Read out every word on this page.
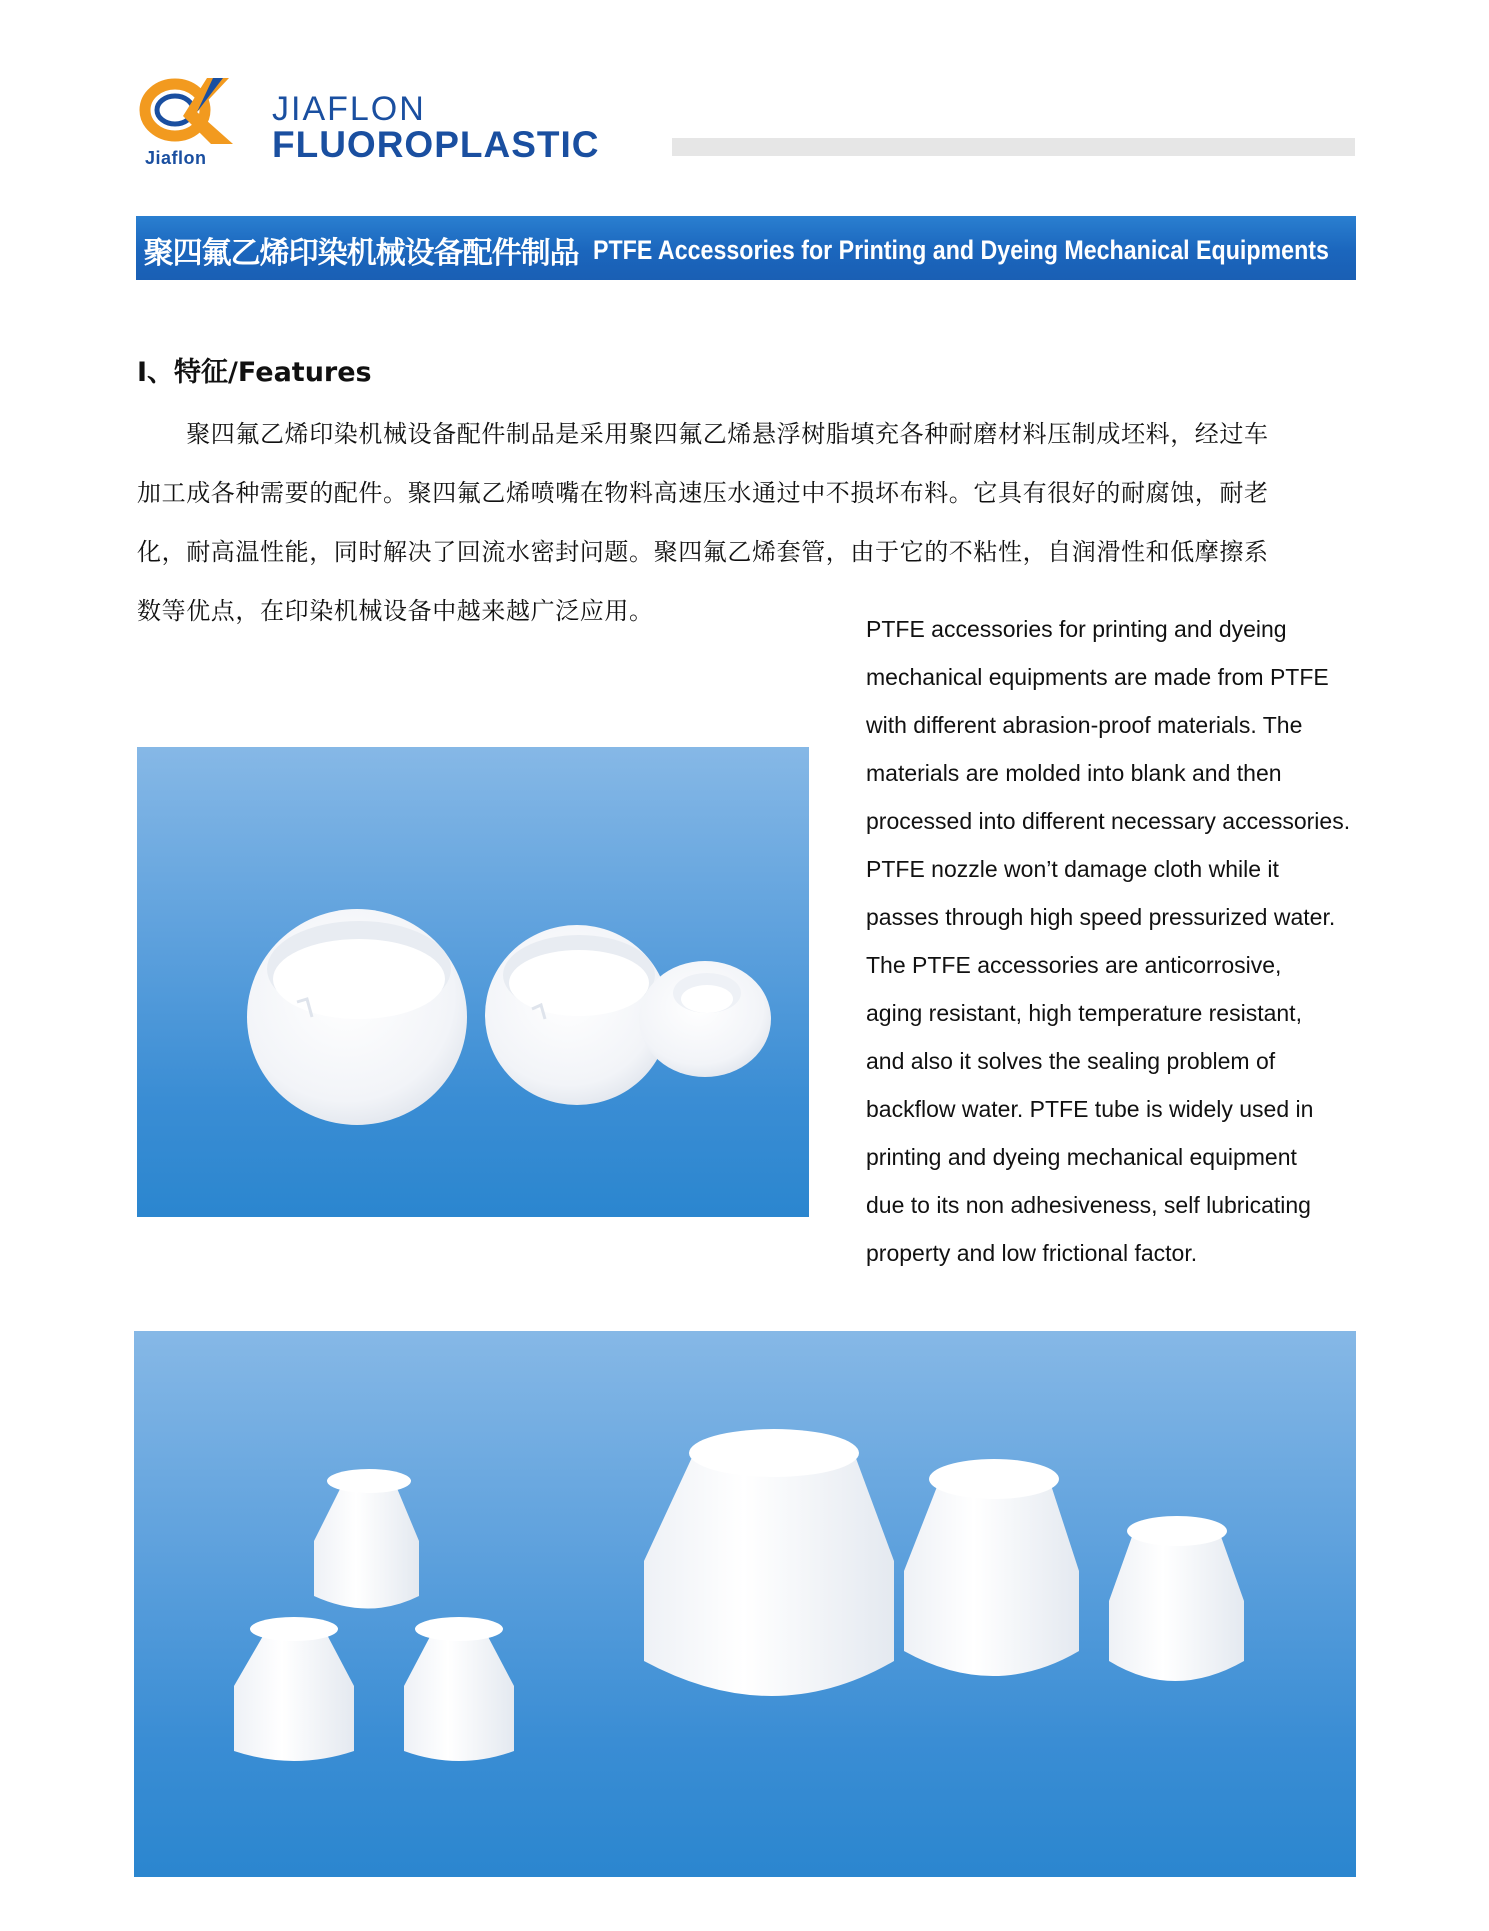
Jiaflon
JIAFLON
FLUOROPLASTIC
聚四氟乙烯印染机械设备配件制品 PTFE Accessories for Printing and Dyeing Mechanical Equipments
I、特征/Features
　　聚四氟乙烯印染机械设备配件制品是采用聚四氟乙烯悬浮树脂填充各种耐磨材料压制成坯料，经过车
加工成各种需要的配件。聚四氟乙烯喷嘴在物料高速压水通过中不损坏布料。它具有很好的耐腐蚀，耐老
化，耐高温性能，同时解决了回流水密封问题。聚四氟乙烯套管，由于它的不粘性，自润滑性和低摩擦系
数等优点，在印染机械设备中越来越广泛应用。
PTFE accessories for printing and dyeing
mechanical equipments are made from PTFE
with different abrasion-proof materials. The
materials are molded into blank and then
processed into different necessary accessories.
PTFE nozzle won’t damage cloth while it
passes through high speed pressurized water.
The PTFE accessories are anticorrosive,
aging resistant, high temperature resistant,
and also it solves the sealing problem of
backflow water. PTFE tube is widely used in
printing and dyeing mechanical equipment
due to its non adhesiveness, self lubricating
property and low frictional factor.
